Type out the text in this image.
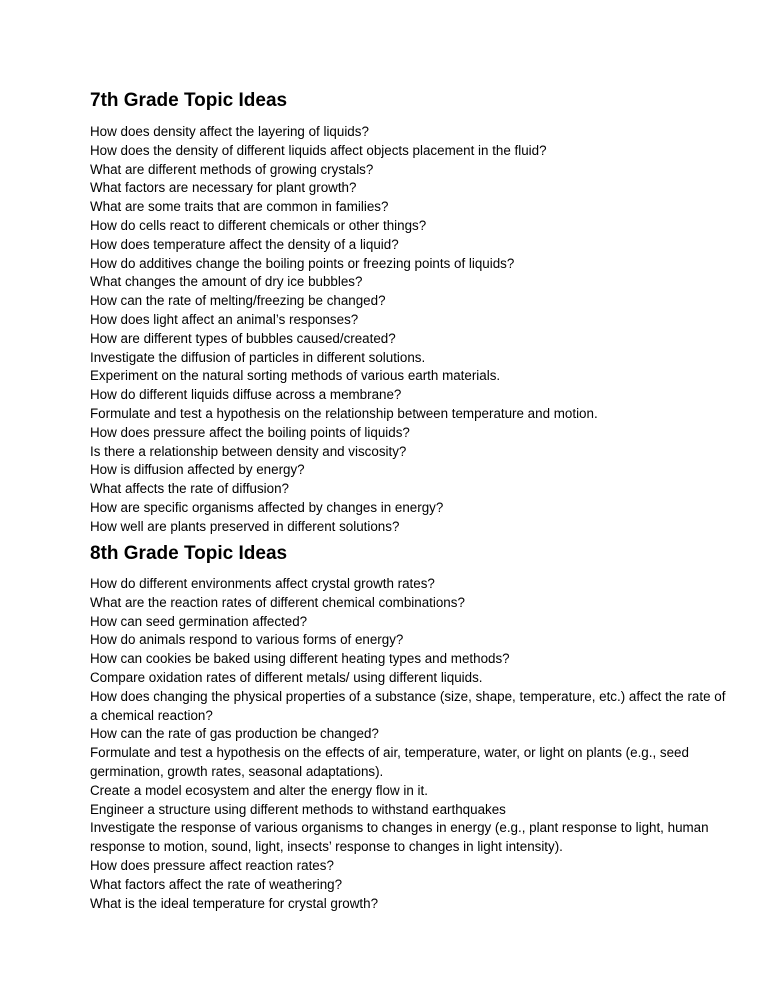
7th Grade Topic Ideas
How does density affect the layering of liquids?
How does the density of different liquids affect objects placement in the fluid?
What are different methods of growing crystals?
What factors are necessary for plant growth?
What are some traits that are common in families?
How do cells react to different chemicals or other things?
How does temperature affect the density of a liquid?
How do additives change the boiling points or freezing points of liquids?
What changes the amount of dry ice bubbles?
How can the rate of melting/freezing be changed?
How does light affect an animal’s responses?
How are different types of bubbles caused/created?
Investigate the diffusion of particles in different solutions.
Experiment on the natural sorting methods of various earth materials.
How do different liquids diffuse across a membrane?
Formulate and test a hypothesis on the relationship between temperature and motion.
How does pressure affect the boiling points of liquids?
Is there a relationship between density and viscosity?
How is diffusion affected by energy?
What affects the rate of diffusion?
How are specific organisms affected by changes in energy?
How well are plants preserved in different solutions?
8th Grade Topic Ideas
How do different environments affect crystal growth rates?
What are the reaction rates of different chemical combinations?
How can seed germination affected?
How do animals respond to various forms of energy?
How can cookies be baked using different heating types and methods?
Compare oxidation rates of different metals/ using different liquids.
How does changing the physical properties of a substance (size, shape, temperature, etc.) affect the rate of a chemical reaction?
How can the rate of gas production be changed?
Formulate and test a hypothesis on the effects of air, temperature, water, or light on plants (e.g., seed germination, growth rates, seasonal adaptations).
Create a model ecosystem and alter the energy flow in it.
Engineer a structure using different methods to withstand earthquakes
Investigate the response of various organisms to changes in energy (e.g., plant response to light, human response to motion, sound, light, insects’ response to changes in light intensity).
How does pressure affect reaction rates?
What factors affect the rate of weathering?
What is the ideal temperature for crystal growth?
